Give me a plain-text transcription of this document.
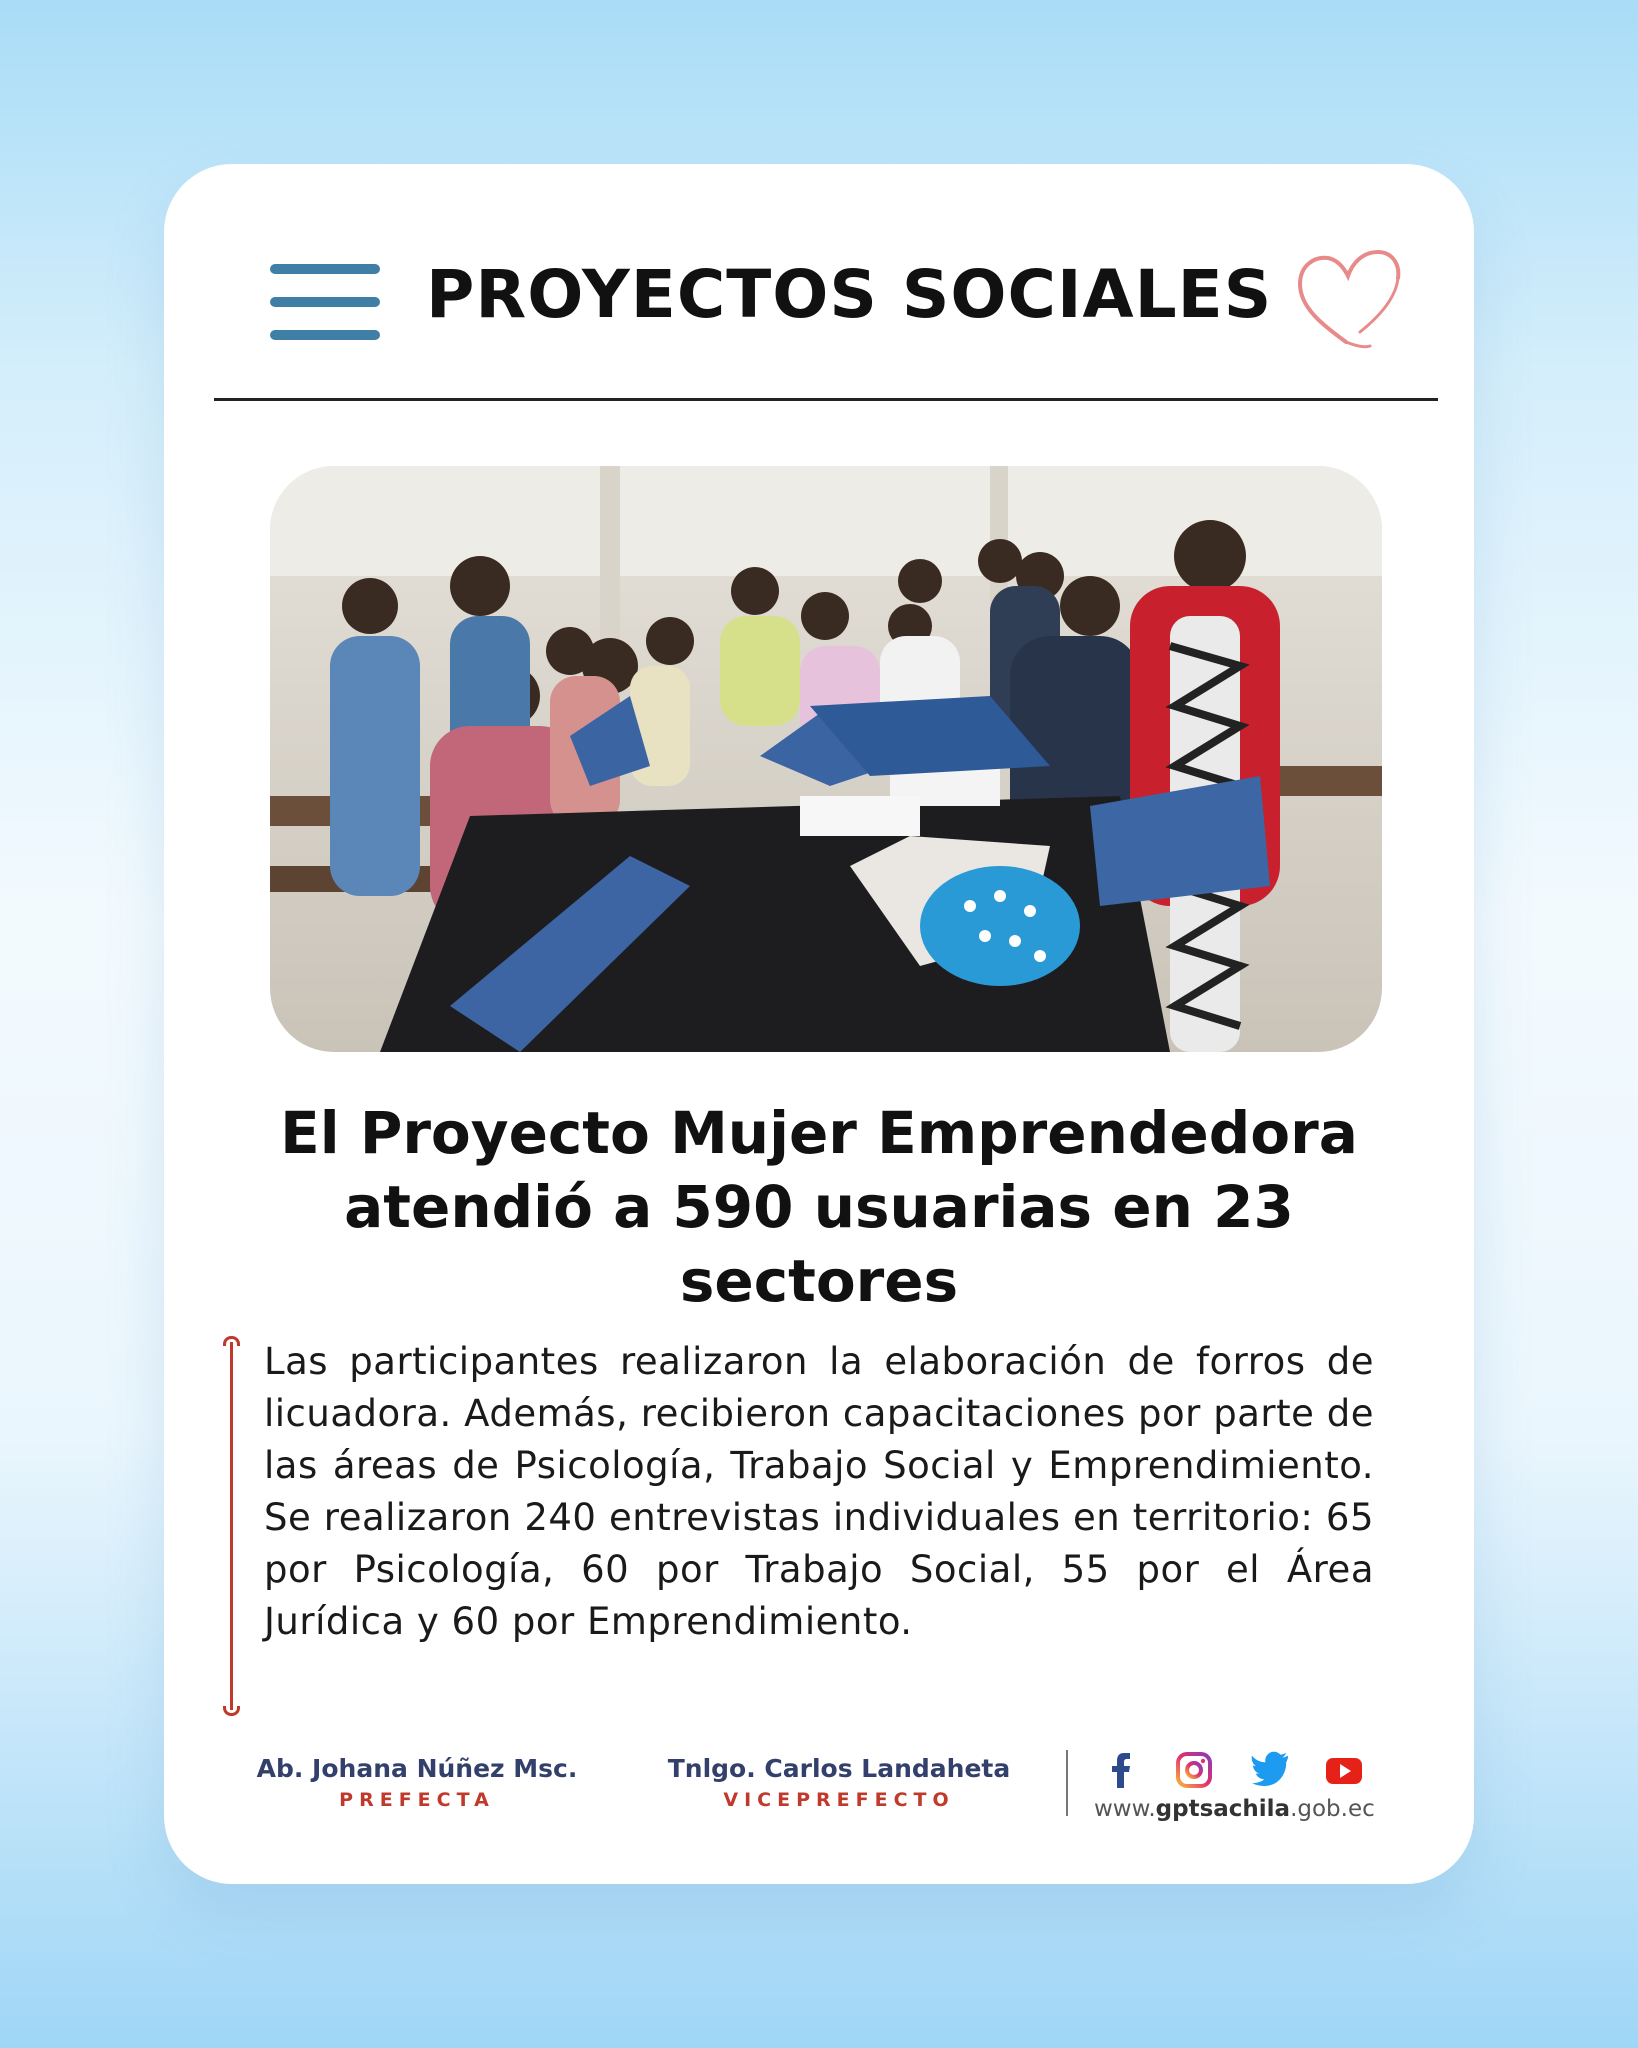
PROYECTOS SOCIALES
El Proyecto Mujer Emprendedora atendió a 590 usuarias en 23 sectores

Las participantes realizaron la elaboración de forros de licuadora. Además, recibieron capacitaciones por parte de las áreas de Psicología, Trabajo Social y Emprendimiento. Se realizaron 240 entrevistas individuales en territorio: 65 por Psicología, 60 por Trabajo Social, 55 por el Área Jurídica y 60 por Emprendimiento.

Ab. Johana Núñez Msc.
PREFECTA
Tnlgo. Carlos Landaheta
VICEPREFECTO	www.gptsachila.gob.ec
